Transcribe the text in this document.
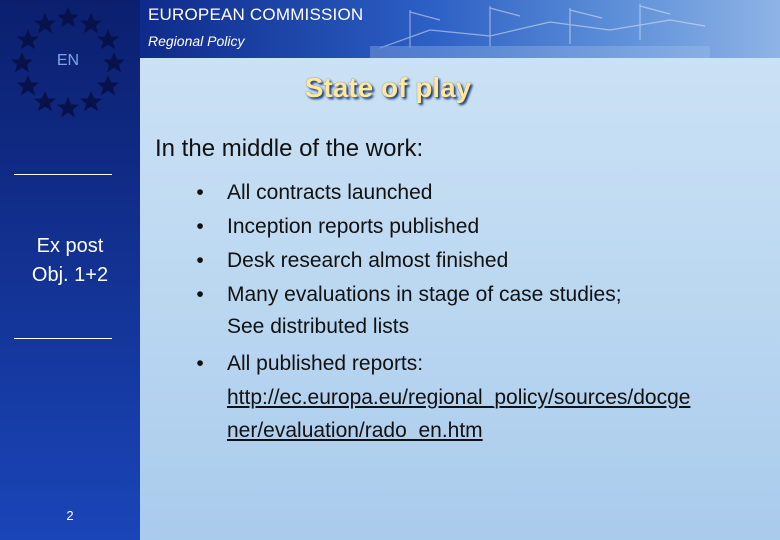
EN
Ex post
Obj. 1+2
2
EUROPEAN COMMISSION
Regional Policy
State of play
In the middle of the work:
•	All contracts launched
•	Inception reports published
•	Desk research almost finished
•	Many evaluations in stage of case studies;
See distributed lists
•	All published reports:
http://ec.europa.eu/regional_policy/sources/docge
ner/evaluation/rado_en.htm
